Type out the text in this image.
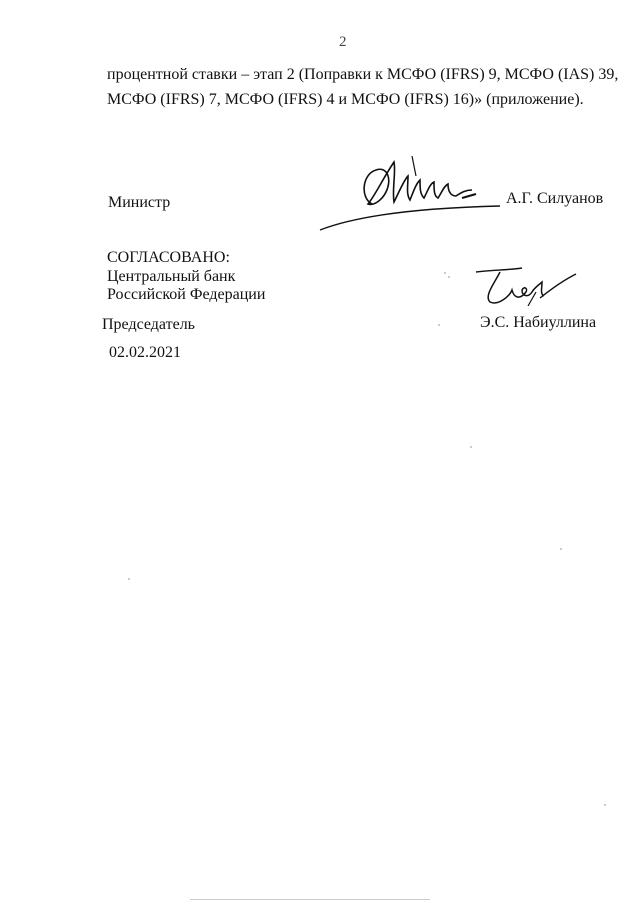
2

процентной ставки – этап 2 (Поправки к МСФО (IFRS) 9, МСФО (IAS) 39,
МСФО (IFRS) 7, МСФО (IFRS) 4 и МСФО (IFRS) 16)» (приложение).

Министр	А.Г. Силуанов
СОГЛАСОВАНО:
Центральный банк
Российской Федерации
Председатель	Э.С. Набиуллина
02.02.2021
